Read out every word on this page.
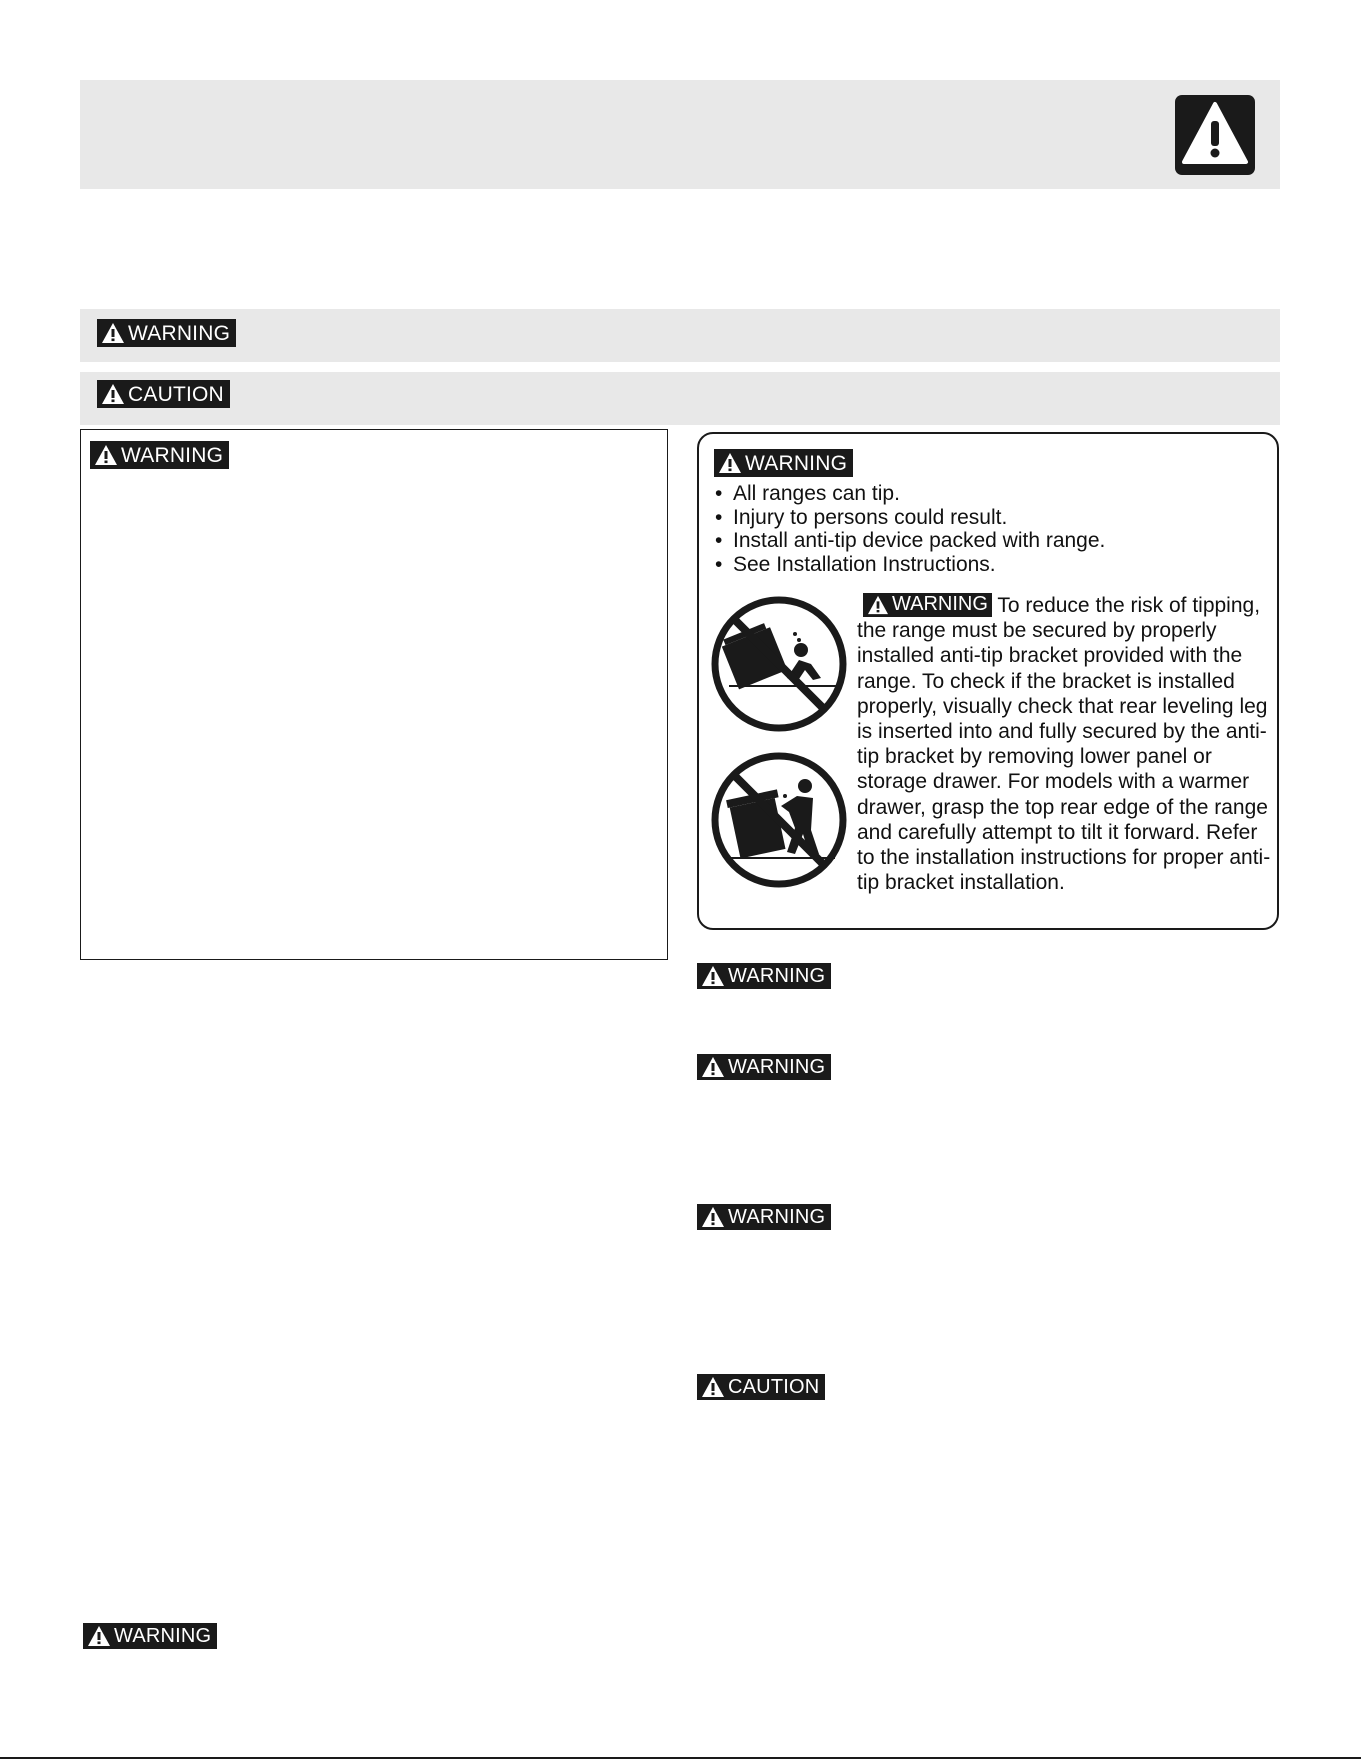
WARNING
CAUTION
WARNING	WARNING
• All ranges can tip.
• Injury to persons could result.
• Install anti-tip device packed with range.
• See Installation Instructions.

WARNING To reduce the risk of tipping, the range must be secured by properly installed anti-tip bracket provided with the range. To check if the bracket is installed properly, visually check that rear leveling leg is inserted into and fully secured by the anti-tip bracket by removing lower panel or storage drawer. For models with a warmer drawer, grasp the top rear edge of the range and carefully attempt to tilt it forward. Refer to the installation instructions for proper anti-tip bracket installation.

WARNING
WARNING
WARNING
CAUTION
WARNING
